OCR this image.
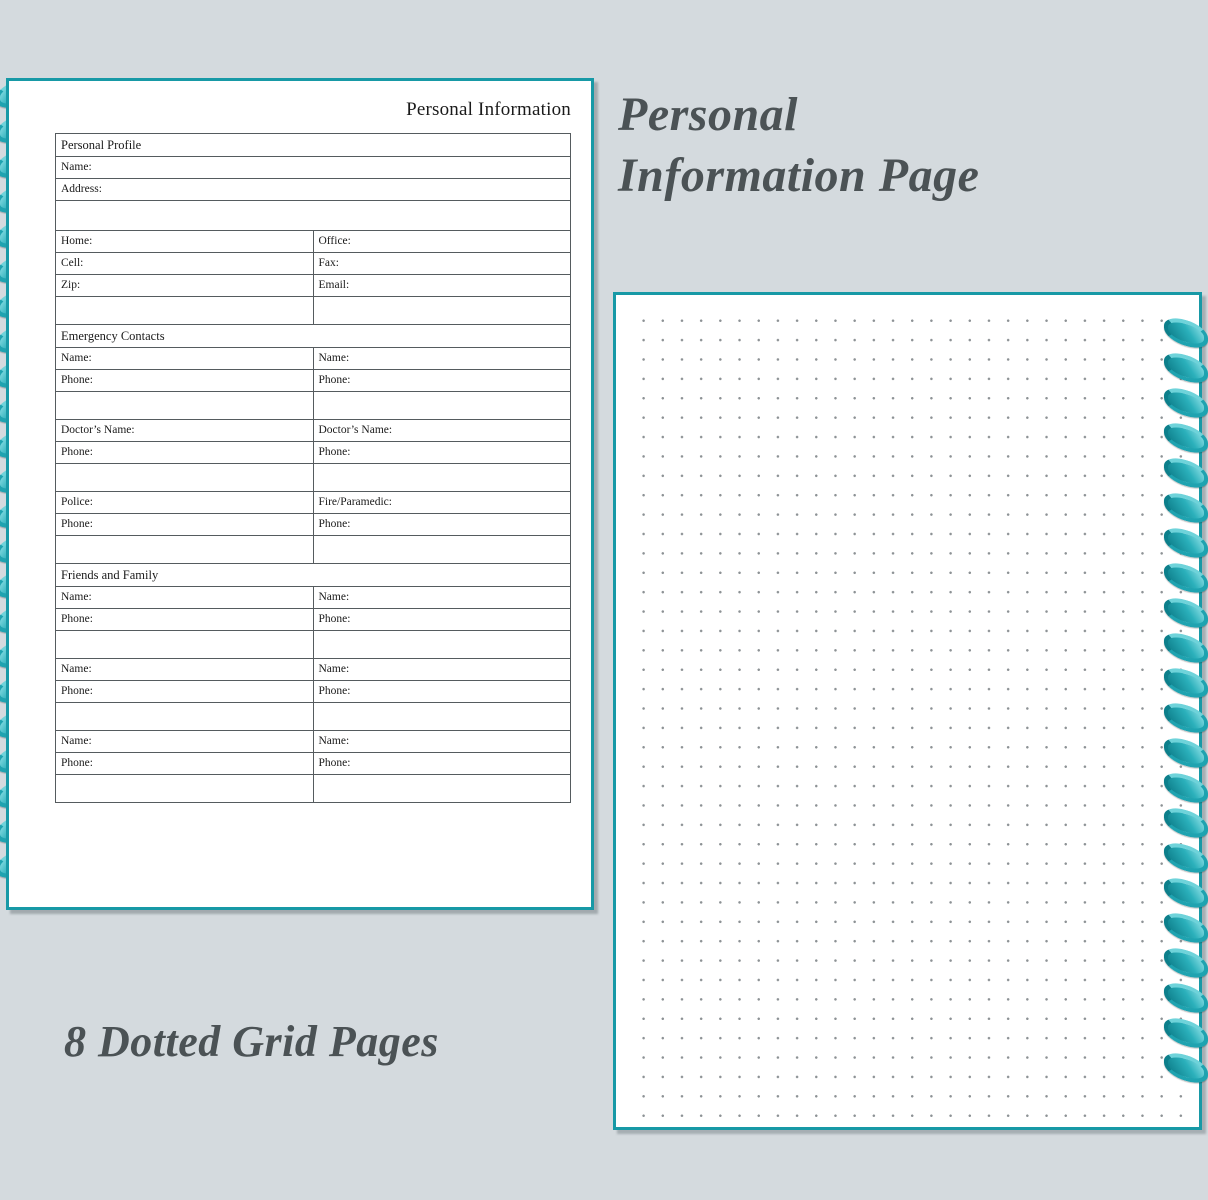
Personal Information
Personal Profile	
Name:	
Address:	

Home:	Office:
Cell:	Fax:
Zip:	Email:

Emergency Contacts	
Name:	Name:
Phone:	Phone:

Doctor’s Name:	Doctor’s Name:
Phone:	Phone:

Police:	Fire/Paramedic:
Phone:	Phone:

Friends and Family	
Name:	Name:
Phone:	Phone:

Name:	Name:
Phone:	Phone:

Name:	Name:
Phone:	Phone:

Personal
Information Page
8 Dotted Grid Pages
